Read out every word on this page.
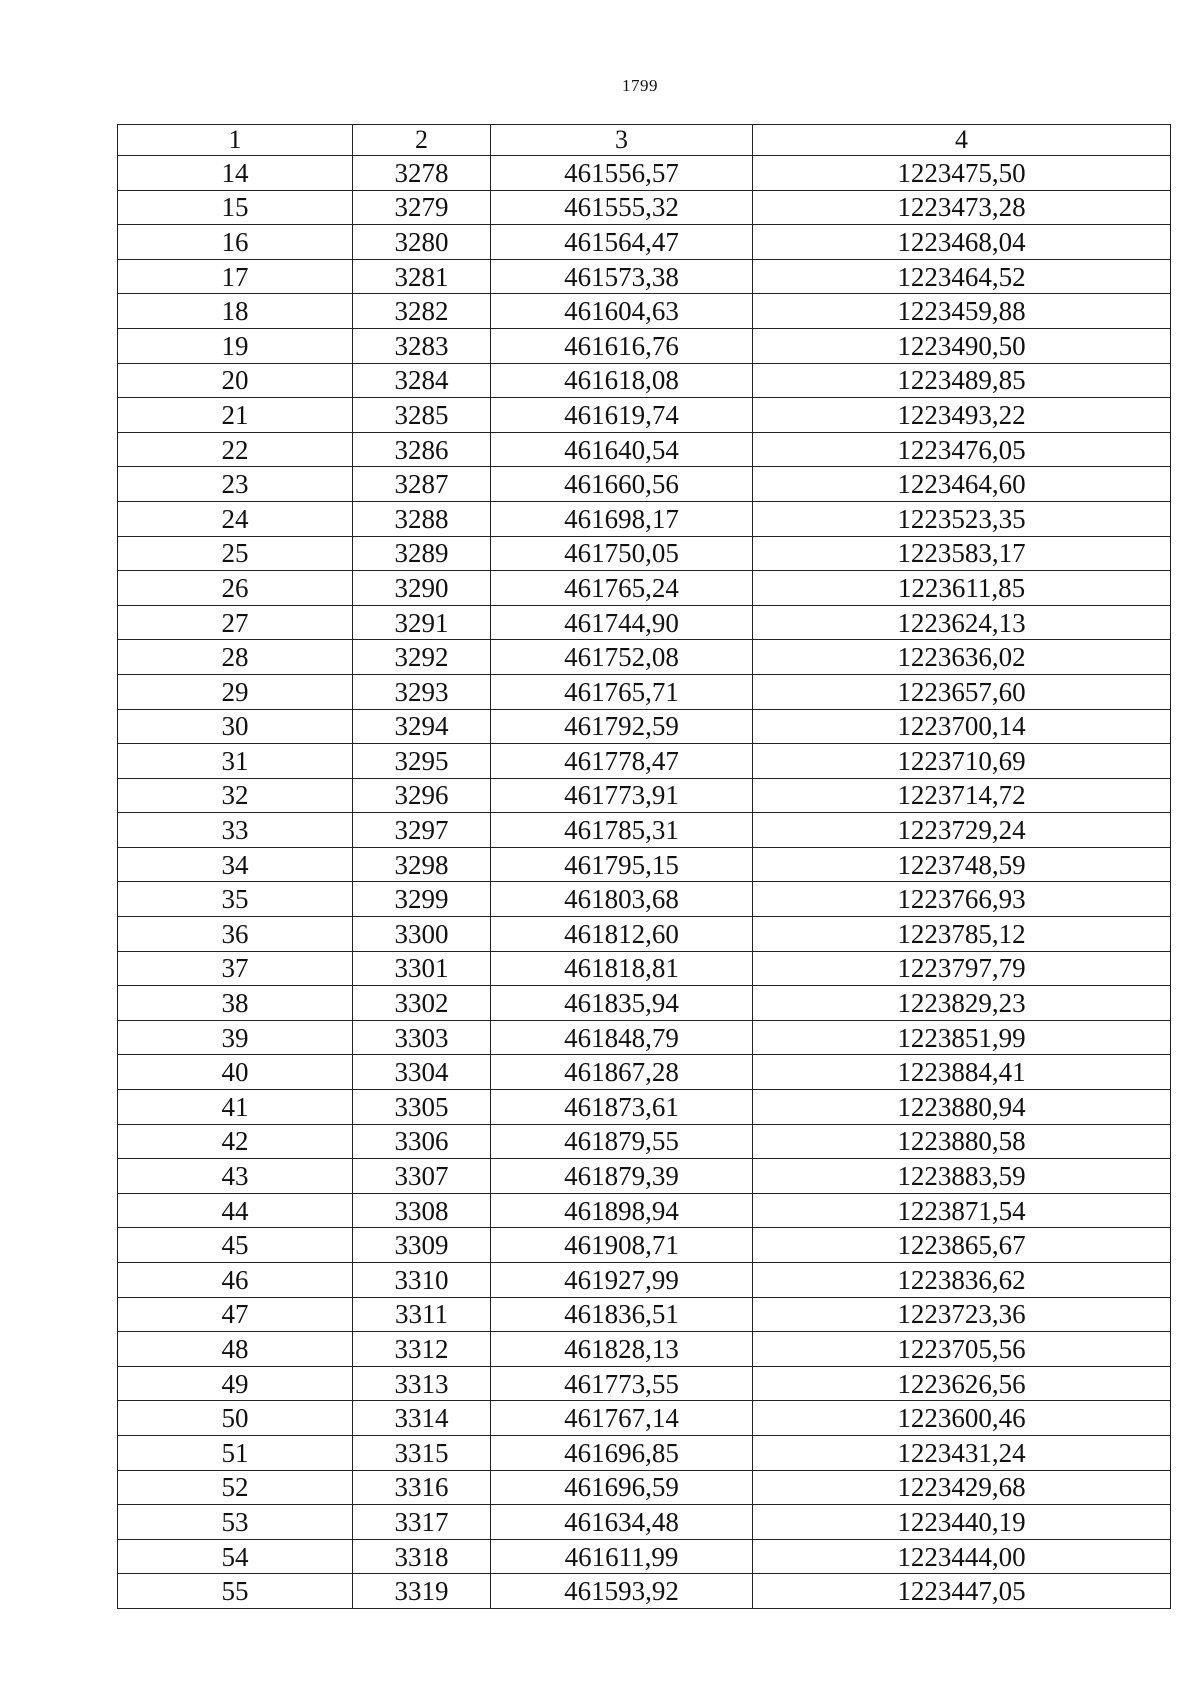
1799
1	2	3	4
14	3278	461556,57	1223475,50
15	3279	461555,32	1223473,28
16	3280	461564,47	1223468,04
17	3281	461573,38	1223464,52
18	3282	461604,63	1223459,88
19	3283	461616,76	1223490,50
20	3284	461618,08	1223489,85
21	3285	461619,74	1223493,22
22	3286	461640,54	1223476,05
23	3287	461660,56	1223464,60
24	3288	461698,17	1223523,35
25	3289	461750,05	1223583,17
26	3290	461765,24	1223611,85
27	3291	461744,90	1223624,13
28	3292	461752,08	1223636,02
29	3293	461765,71	1223657,60
30	3294	461792,59	1223700,14
31	3295	461778,47	1223710,69
32	3296	461773,91	1223714,72
33	3297	461785,31	1223729,24
34	3298	461795,15	1223748,59
35	3299	461803,68	1223766,93
36	3300	461812,60	1223785,12
37	3301	461818,81	1223797,79
38	3302	461835,94	1223829,23
39	3303	461848,79	1223851,99
40	3304	461867,28	1223884,41
41	3305	461873,61	1223880,94
42	3306	461879,55	1223880,58
43	3307	461879,39	1223883,59
44	3308	461898,94	1223871,54
45	3309	461908,71	1223865,67
46	3310	461927,99	1223836,62
47	3311	461836,51	1223723,36
48	3312	461828,13	1223705,56
49	3313	461773,55	1223626,56
50	3314	461767,14	1223600,46
51	3315	461696,85	1223431,24
52	3316	461696,59	1223429,68
53	3317	461634,48	1223440,19
54	3318	461611,99	1223444,00
55	3319	461593,92	1223447,05
